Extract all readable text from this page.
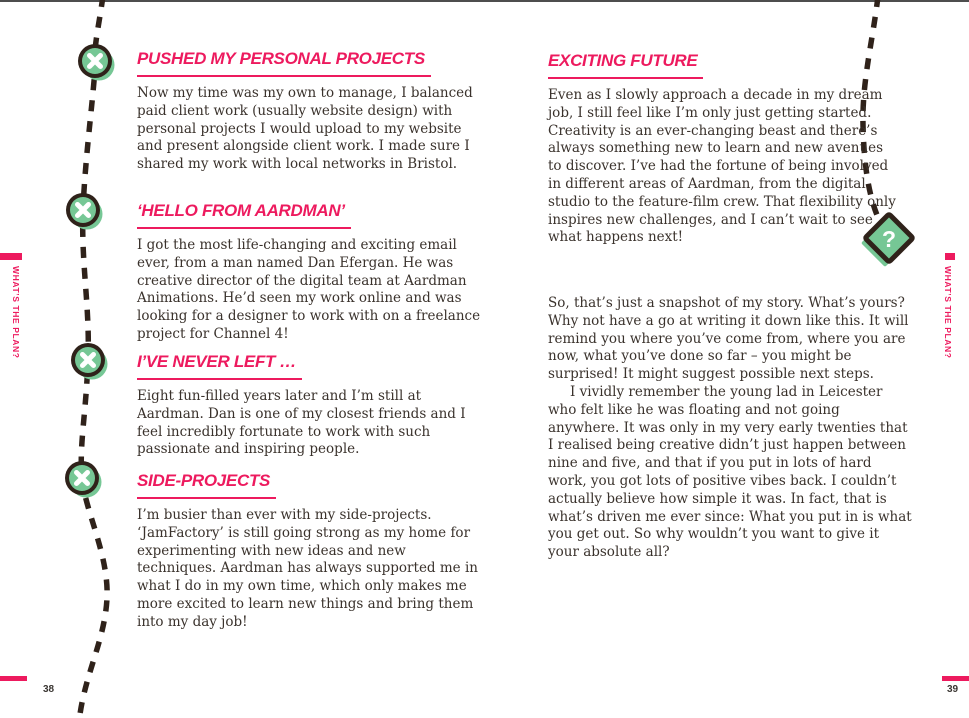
?
WHAT’S THE PLAN?	WHAT’S THE PLAN?
38	39
PUSHED MY PERSONAL PROJECTS

Now my time was my own to manage, I balanced paid client work (usually website design) with personal projects I would upload to my website and present alongside client work. I made sure I shared my work with local networks in Bristol.

‘HELLO FROM AARDMAN’

I got the most life-changing and exciting email ever, from a man named Dan Efergan. He was creative director of the digital team at Aardman Animations. He’d seen my work online and was looking for a designer to work with on a freelance project for Channel 4!

I’VE NEVER LEFT …

Eight fun-filled years later and I’m still at Aardman. Dan is one of my closest friends and I feel incredibly fortunate to work with such passionate and inspiring people.

SIDE-PROJECTS

I’m busier than ever with my side-projects. ‘JamFactory’ is still going strong as my home for experimenting with new ideas and new techniques. Aardman has always supported me in what I do in my own time, which only makes me more excited to learn new things and bring them into my day job!

EXCITING FUTURE

Even as I slowly approach a decade in my dream job, I still feel like I’m only just getting started. Creativity is an ever-changing beast and there’s always something new to learn and new avenues to discover. I’ve had the fortune of being involved in different areas of Aardman, from the digital studio to the feature-film crew. That flexibility only inspires new challenges, and I can’t wait to see what happens next!

So, that’s just a snapshot of my story. What’s yours? Why not have a go at writing it down like this. It will remind you where you’ve come from, where you are now, what you’ve done so far – you might be surprised! It might suggest possible next steps.

I vividly remember the young lad in Leicester who felt like he was floating and not going anywhere. It was only in my very early twenties that I realised being creative didn’t just happen between nine and five, and that if you put in lots of hard work, you got lots of positive vibes back. I couldn’t actually believe how simple it was. In fact, that is what’s driven me ever since: What you put in is what you get out. So why wouldn’t you want to give it your absolute all?
